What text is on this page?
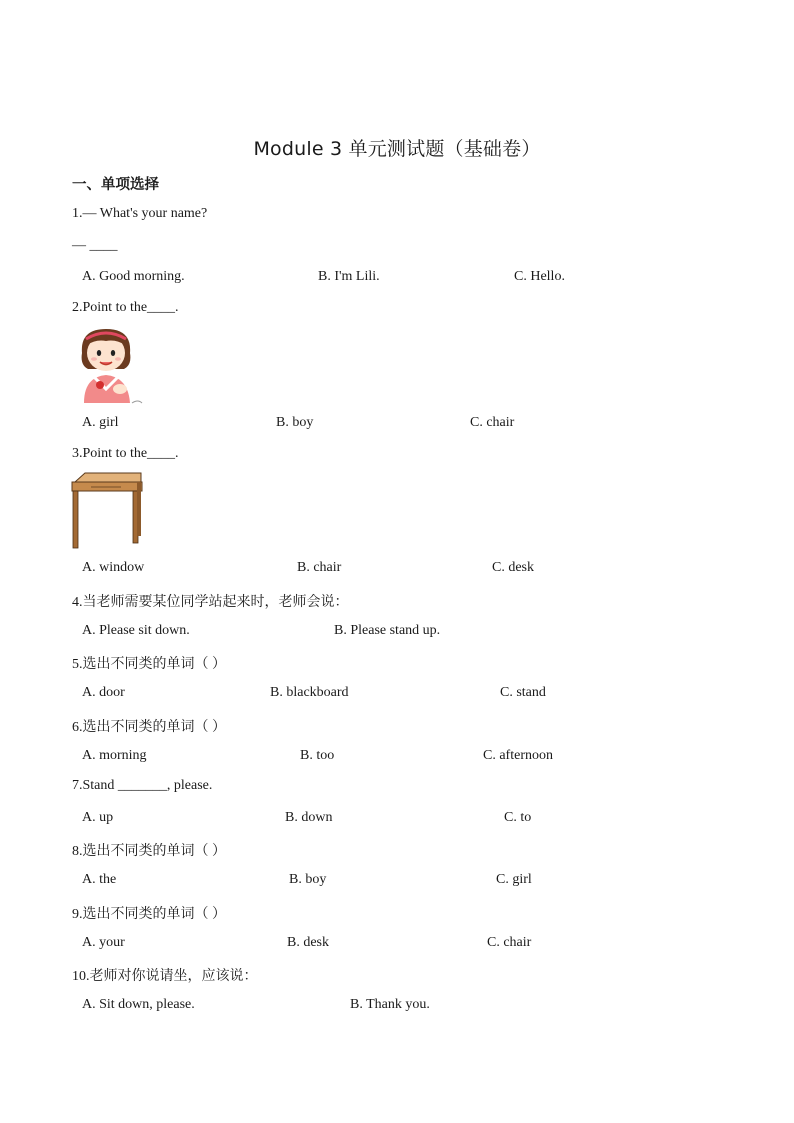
Module 3 单元测试题（基础卷）
一、单项选择
1.— What's your name?
— ____
A. Good morning.	B. I'm Lili.	C. Hello.
2.Point to the____.
A. girl	B. boy	C. chair
3.Point to the____.
A. window	B. chair	C. desk
4.当老师需要某位同学站起来时，老师会说：
A. Please sit down.	B. Please stand up.
5.选出不同类的单词（ ）
A. door	B. blackboard	C. stand
6.选出不同类的单词（ ）
A. morning	B. too	C. afternoon
7.Stand _______, please.
A. up	B. down	C. to
8.选出不同类的单词（ ）
A. the	B. boy	C. girl
9.选出不同类的单词（ ）
A. your	B. desk	C. chair
10.老师对你说请坐，应该说：
A. Sit down, please.	B. Thank you.
